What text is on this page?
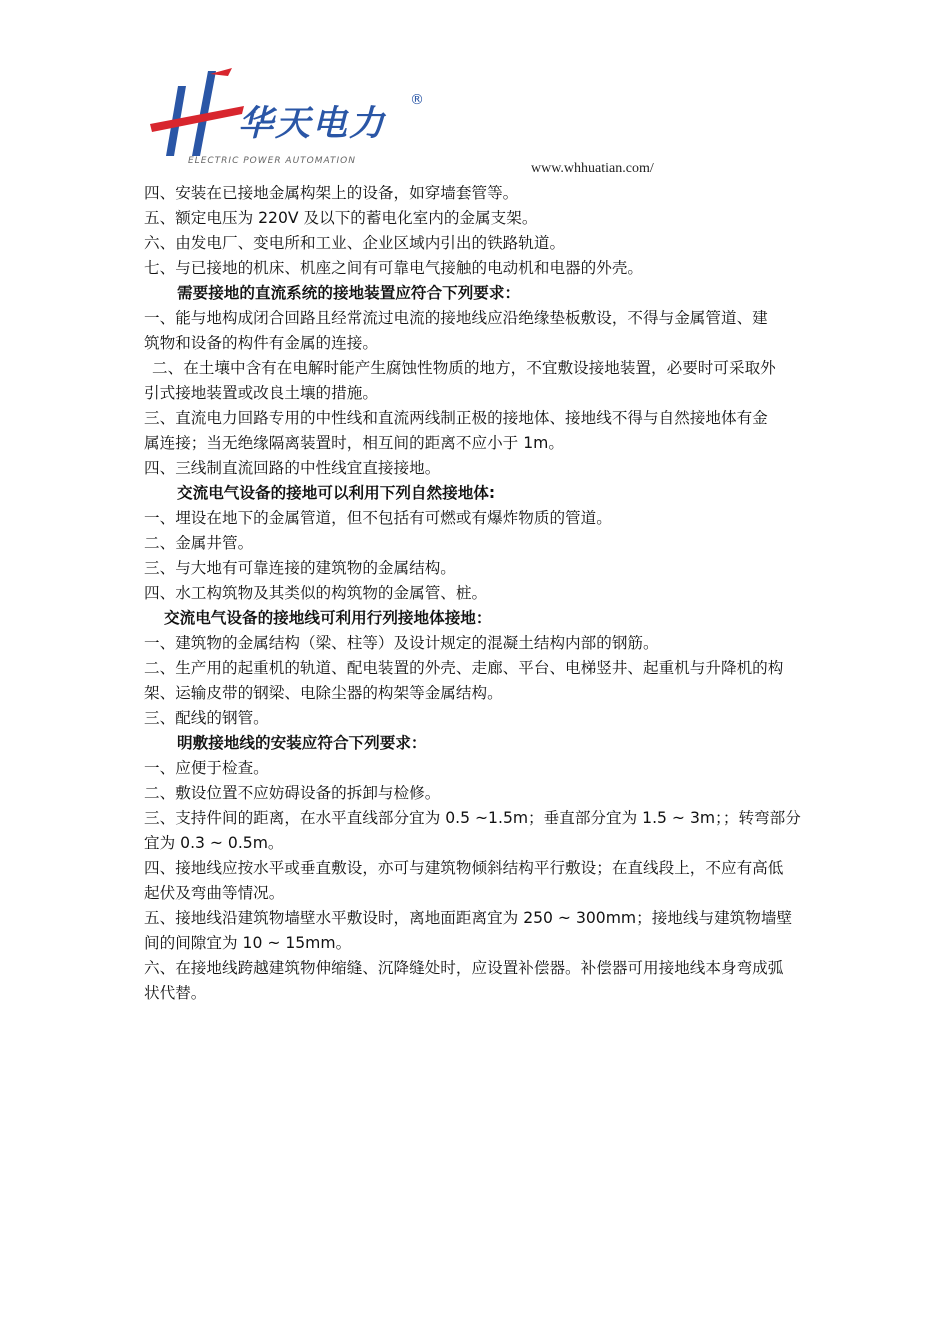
华天电力
®
ELECTRIC POWER AUTOMATION	www.whhuatian.com/
四、安装在已接地金属构架上的设备，如穿墙套管等。
五、额定电压为 220V 及以下的蓄电化室内的金属支架。
六、由发电厂、变电所和工业、企业区域内引出的铁路轨道。
七、与已接地的机床、机座之间有可靠电气接触的电动机和电器的外壳。
需要接地的直流系统的接地装置应符合下列要求：
一、能与地构成闭合回路且经常流过电流的接地线应沿绝缘垫板敷设，不得与金属管道、建
筑物和设备的构件有金属的连接。
二、在土壤中含有在电解时能产生腐蚀性物质的地方，不宜敷设接地装置，必要时可采取外
引式接地装置或改良土壤的措施。
三、直流电力回路专用的中性线和直流两线制正极的接地体、接地线不得与自然接地体有金
属连接；当无绝缘隔离装置时，相互间的距离不应小于 1m。
四、三线制直流回路的中性线宜直接接地。
交流电气设备的接地可以利用下列自然接地体:
一、埋设在地下的金属管道，但不包括有可燃或有爆炸物质的管道。
二、金属井管。
三、与大地有可靠连接的建筑物的金属结构。
四、水工构筑物及其类似的构筑物的金属管、桩。
交流电气设备的接地线可利用行列接地体接地：
一、建筑物的金属结构（梁、柱等）及设计规定的混凝土结构内部的钢筋。
二、生产用的起重机的轨道、配电装置的外壳、走廊、平台、电梯竖井、起重机与升降机的构
架、运输皮带的钢梁、电除尘器的构架等金属结构。
三、配线的钢管。
明敷接地线的安装应符合下列要求：
一、应便于检查。
二、敷设位置不应妨碍设备的拆卸与检修。
三、支持件间的距离，在水平直线部分宜为 0.5 ~1.5m；垂直部分宜为 1.5 ~ 3m；；转弯部分
宜为 0.3 ~ 0.5m。
四、接地线应按水平或垂直敷设，亦可与建筑物倾斜结构平行敷设；在直线段上，不应有高低
起伏及弯曲等情况。
五、接地线沿建筑物墙壁水平敷设时，离地面距离宜为 250 ~ 300mm；接地线与建筑物墙壁
间的间隙宜为 10 ~ 15mm。
六、在接地线跨越建筑物伸缩缝、沉降缝处时，应设置补偿器。补偿器可用接地线本身弯成弧
状代替。
